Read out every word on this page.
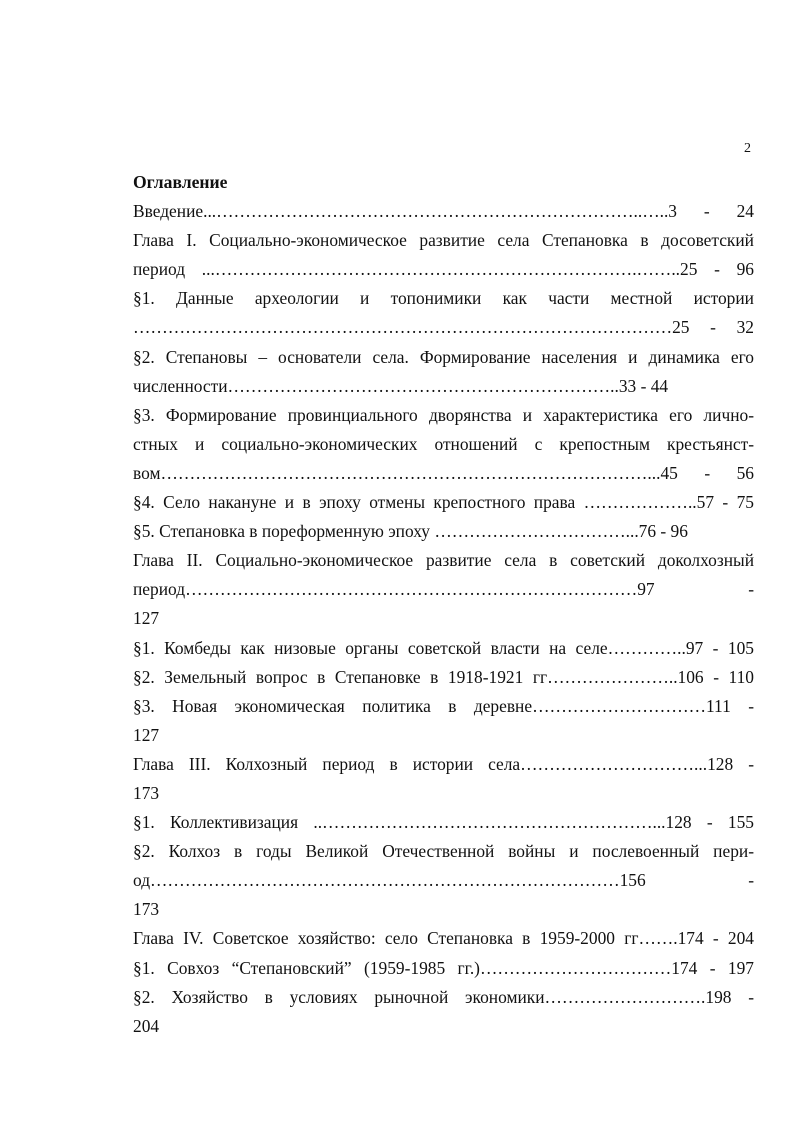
2
Оглавление
Введение...………………………………………………………………..…..3 - 24
Глава I. Социально-экономическое развитие села Степановка в досоветский
период ...……………………………………………………………….……..25 - 96
§1. Данные археологии и топонимики как части местной истории
…………………………………………………………………………………25 - 32
§2. Степановы – основатели села. Формирование населения и динамика его
численности…………………………………………………………..33 - 44
§3. Формирование провинциального дворянства и характеристика его лично-
стных и социально-экономических отношений с крепостным крестьянст-
вом…………………………………………………………………………...45 - 56
§4. Село накануне и в эпоху отмены крепостного права ………………..57 - 75
§5. Степановка в пореформенную эпоху ……………………………...76 - 96
Глава II. Социально-экономическое развитие села в советский доколхозный
период……………………………………………………………………97 -
127
§1. Комбеды как низовые органы советской власти на селе…………..97 - 105
§2. Земельный вопрос в Степановке в 1918-1921 гг…………………..106 - 110
§3. Новая экономическая политика в деревне…………………………111 -
127
Глава III. Колхозный период в истории села…………………………...128 -
173
§1. Коллективизация ..…………………………………………………...128 - 155
§2. Колхоз в годы Великой Отечественной войны и послевоенный пери-
од………………………………………………………………………156 -
173
Глава IV. Советское хозяйство: село Степановка в 1959-2000 гг…….174 - 204
§1. Совхоз “Степановский” (1959-1985 гг.)……………………………174 - 197
§2. Хозяйство в условиях рыночной экономики……………………….198 -
204
